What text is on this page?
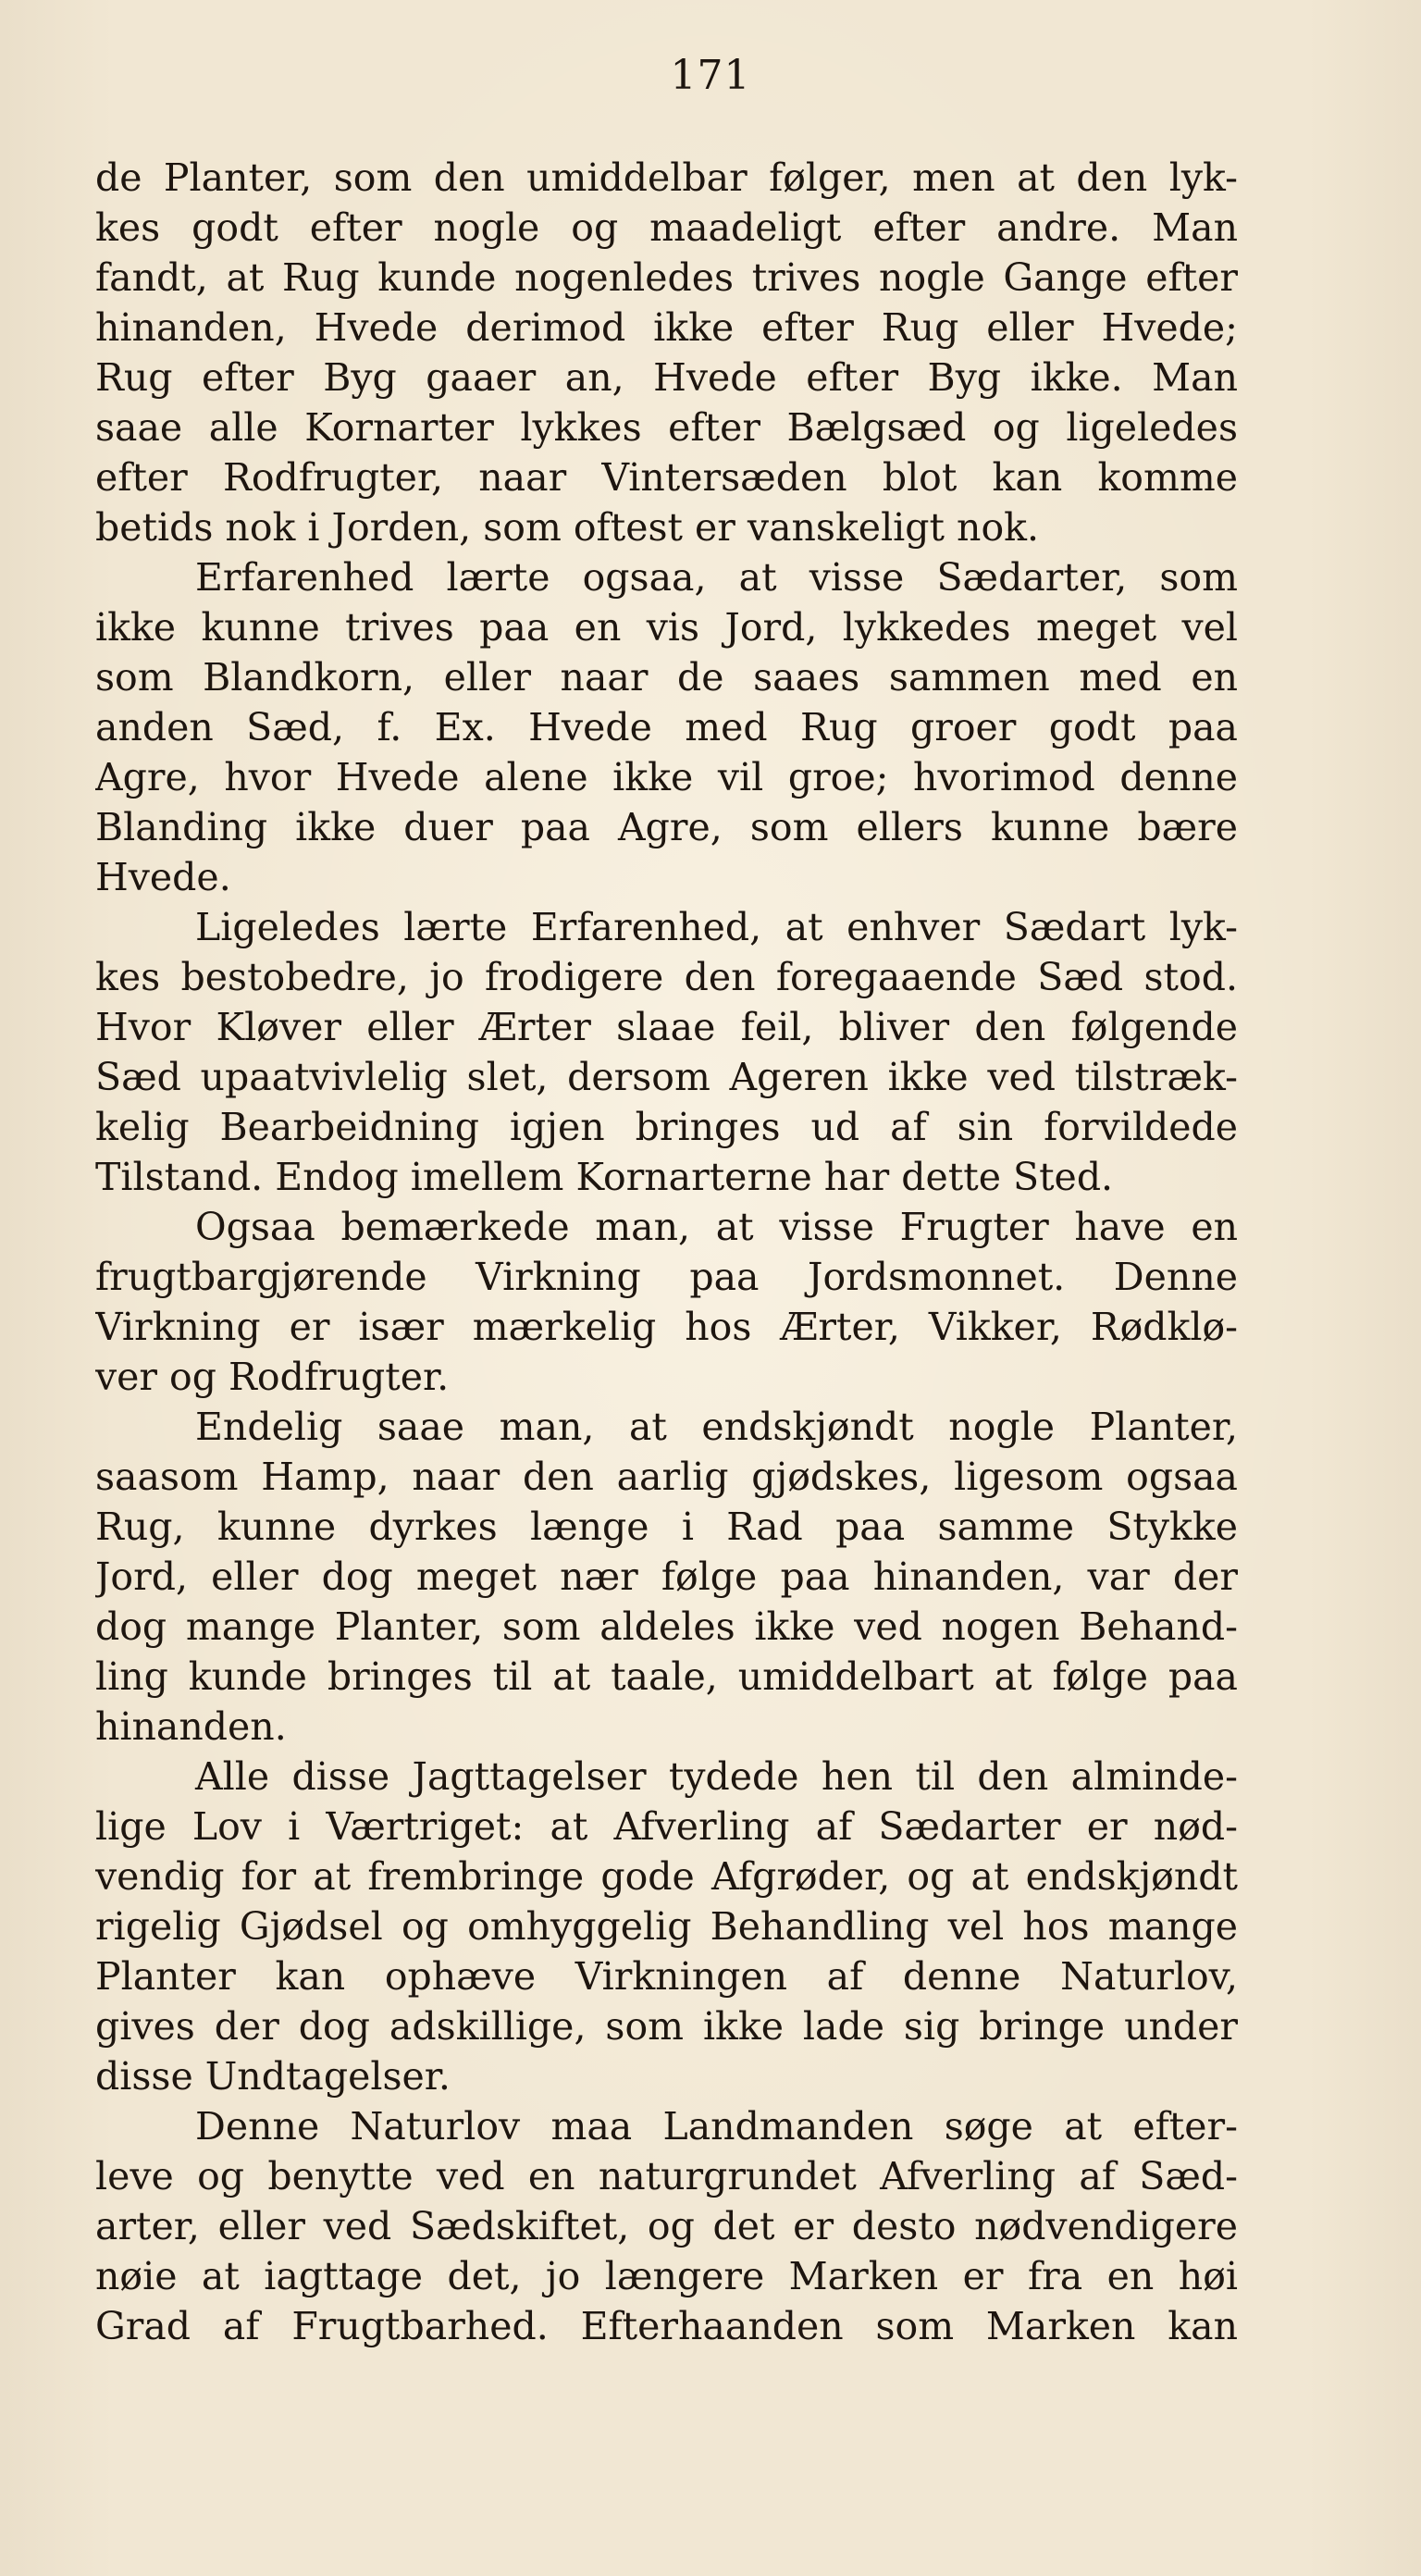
171
de Planter, som den umiddelbar følger, men at den lyk-
kes godt efter nogle og maadeligt efter andre. Man
fandt, at Rug kunde nogenledes trives nogle Gange efter
hinanden, Hvede derimod ikke efter Rug eller Hvede;
Rug efter Byg gaaer an, Hvede efter Byg ikke. Man
saae alle Kornarter lykkes efter Bælgsæd og ligeledes
efter Rodfrugter, naar Vintersæden blot kan komme
betids nok i Jorden, som oftest er vanskeligt nok.
Erfarenhed lærte ogsaa, at visse Sædarter, som
ikke kunne trives paa en vis Jord, lykkedes meget vel
som Blandkorn, eller naar de saaes sammen med en
anden Sæd, f. Ex. Hvede med Rug groer godt paa
Agre, hvor Hvede alene ikke vil groe; hvorimod denne
Blanding ikke duer paa Agre, som ellers kunne bære
Hvede.
Ligeledes lærte Erfarenhed, at enhver Sædart lyk-
kes bestobedre, jo frodigere den foregaaende Sæd stod.
Hvor Kløver eller Ærter slaae feil, bliver den følgende
Sæd upaatvivlelig slet, dersom Ageren ikke ved tilstræk-
kelig Bearbeidning igjen bringes ud af sin forvildede
Tilstand. Endog imellem Kornarterne har dette Sted.
Ogsaa bemærkede man, at visse Frugter have en
frugtbargjørende Virkning paa Jordsmonnet. Denne
Virkning er især mærkelig hos Ærter, Vikker, Rødklø-
ver og Rodfrugter.
Endelig saae man, at endskjøndt nogle Planter,
saasom Hamp, naar den aarlig gjødskes, ligesom ogsaa
Rug, kunne dyrkes længe i Rad paa samme Stykke
Jord, eller dog meget nær følge paa hinanden, var der
dog mange Planter, som aldeles ikke ved nogen Behand-
ling kunde bringes til at taale, umiddelbart at følge paa
hinanden.
Alle disse Jagttagelser tydede hen til den alminde-
lige Lov i Værtriget: at Afverling af Sædarter er nød-
vendig for at frembringe gode Afgrøder, og at endskjøndt
rigelig Gjødsel og omhyggelig Behandling vel hos mange
Planter kan ophæve Virkningen af denne Naturlov,
gives der dog adskillige, som ikke lade sig bringe under
disse Undtagelser.
Denne Naturlov maa Landmanden søge at efter-
leve og benytte ved en naturgrundet Afverling af Sæd-
arter, eller ved Sædskiftet, og det er desto nødvendigere
nøie at iagttage det, jo længere Marken er fra en høi
Grad af Frugtbarhed. Efterhaanden som Marken kan
